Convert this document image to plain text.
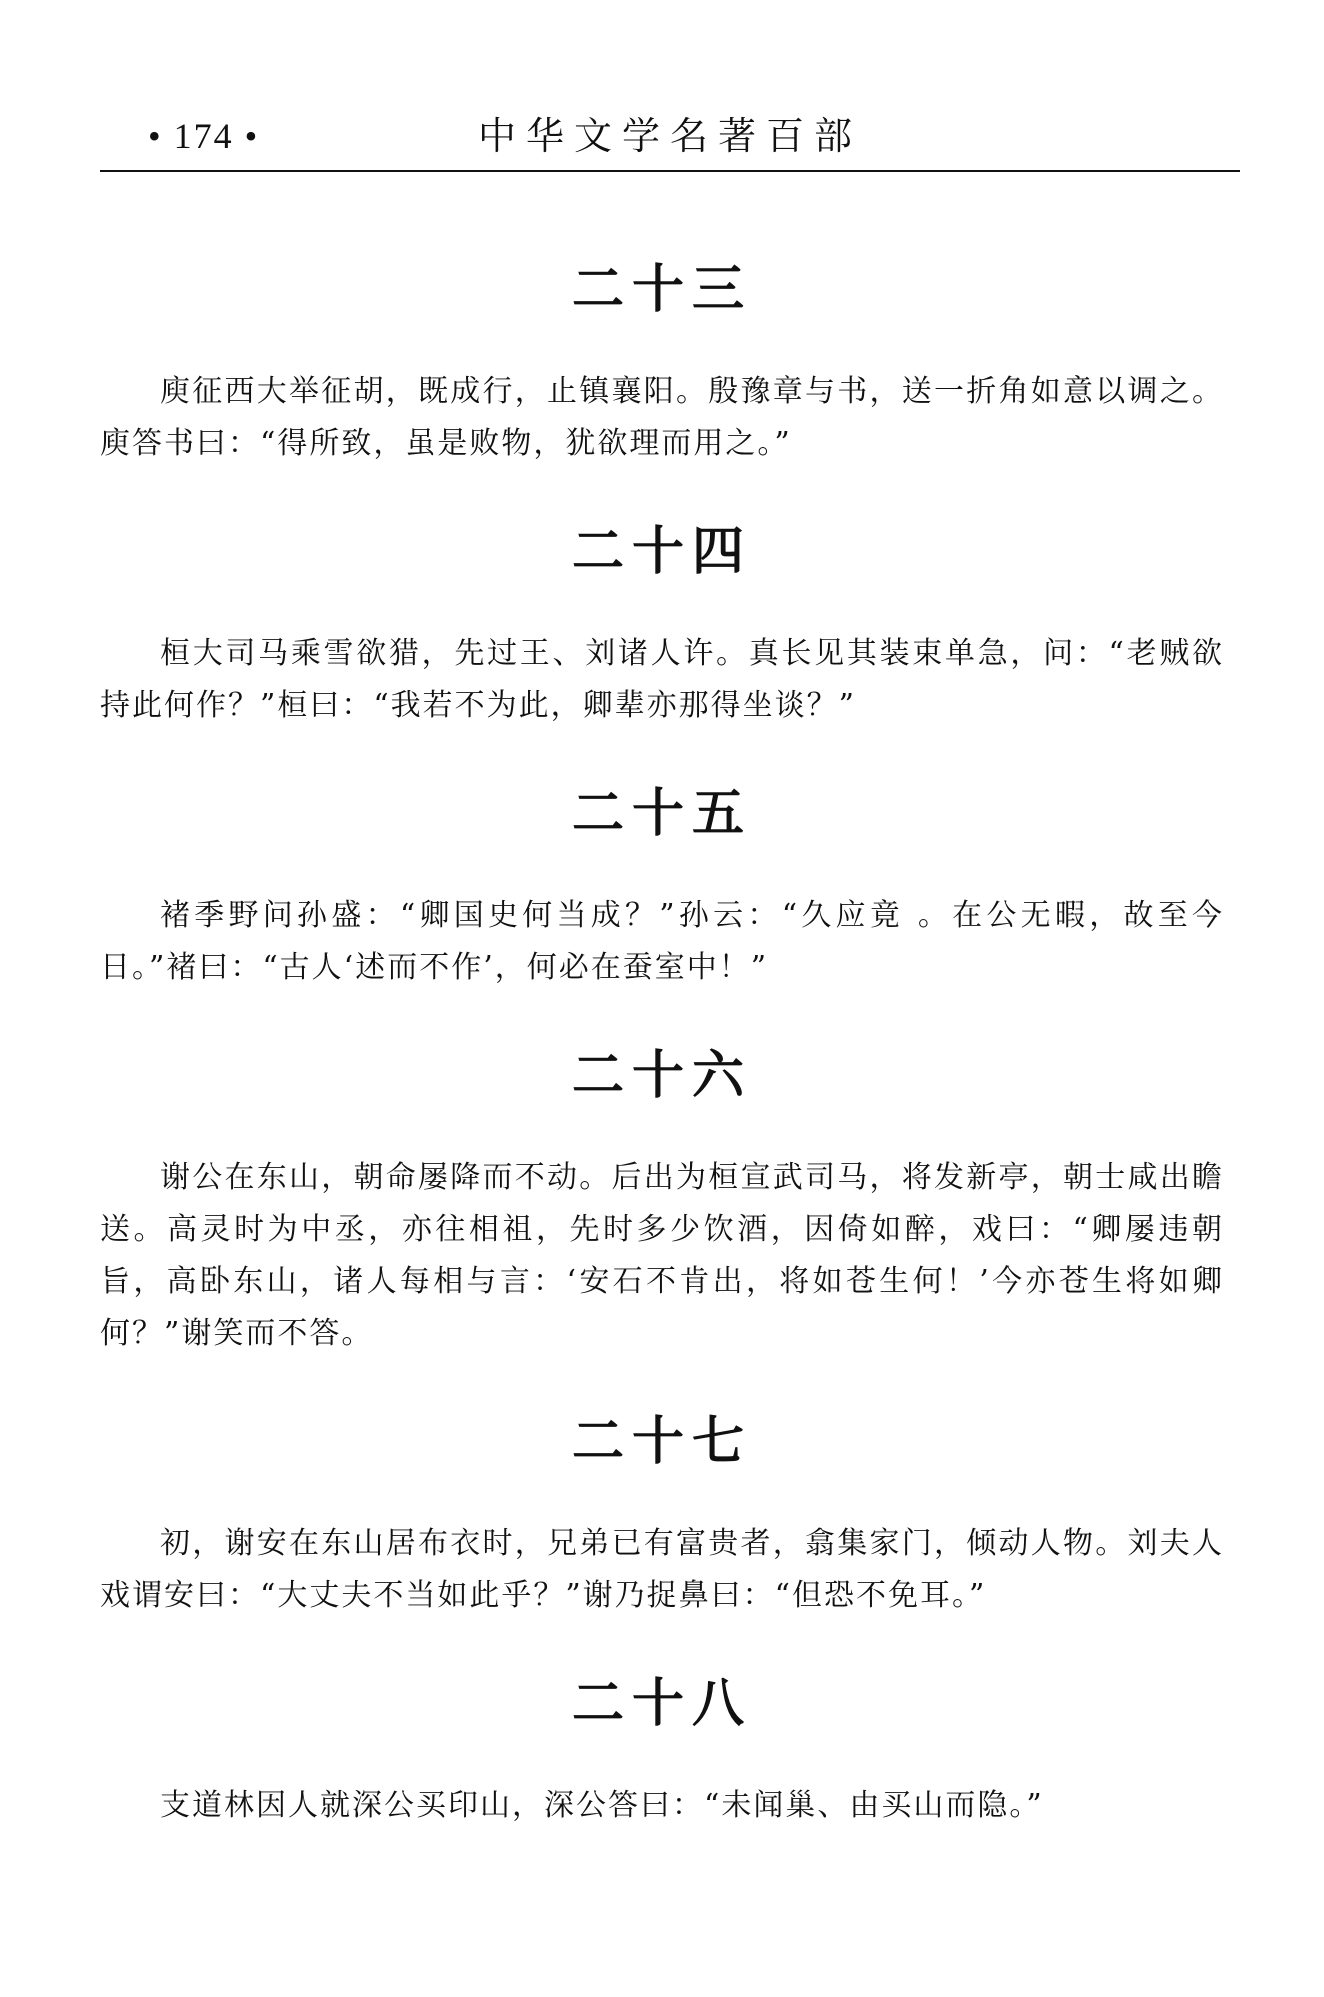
• 174 •	中华文学名著百部
二十三

庾征西大举征胡，既成行，止镇襄阳。殷豫章与书，送一折角如意以调之。庾答书曰：“得所致，虽是败物，犹欲理而用之。”

二十四

桓大司马乘雪欲猎，先过王、刘诸人许。真长见其装束单急，问：“老贼欲持此何作？”桓曰：“我若不为此，卿辈亦那得坐谈？”

二十五

褚季野问孙盛：“卿国史何当成？”孙云：“久应竟 。在公无暇，故至今日。”褚曰：“古人‘述而不作’，何必在蚕室中！”

二十六

谢公在东山，朝命屡降而不动。后出为桓宣武司马，将发新亭，朝士咸出瞻送。高灵时为中丞，亦往相祖，先时多少饮酒，因倚如醉，戏曰：“卿屡违朝旨，高卧东山，诸人每相与言：‘安石不肯出，将如苍生何！’今亦苍生将如卿何？”谢笑而不答。

二十七

初，谢安在东山居布衣时，兄弟已有富贵者，翕集家门，倾动人物。刘夫人戏谓安曰：“大丈夫不当如此乎？”谢乃捉鼻曰：“但恐不免耳。”

二十八

支道林因人就深公买印山，深公答曰：“未闻巢、由买山而隐。”
